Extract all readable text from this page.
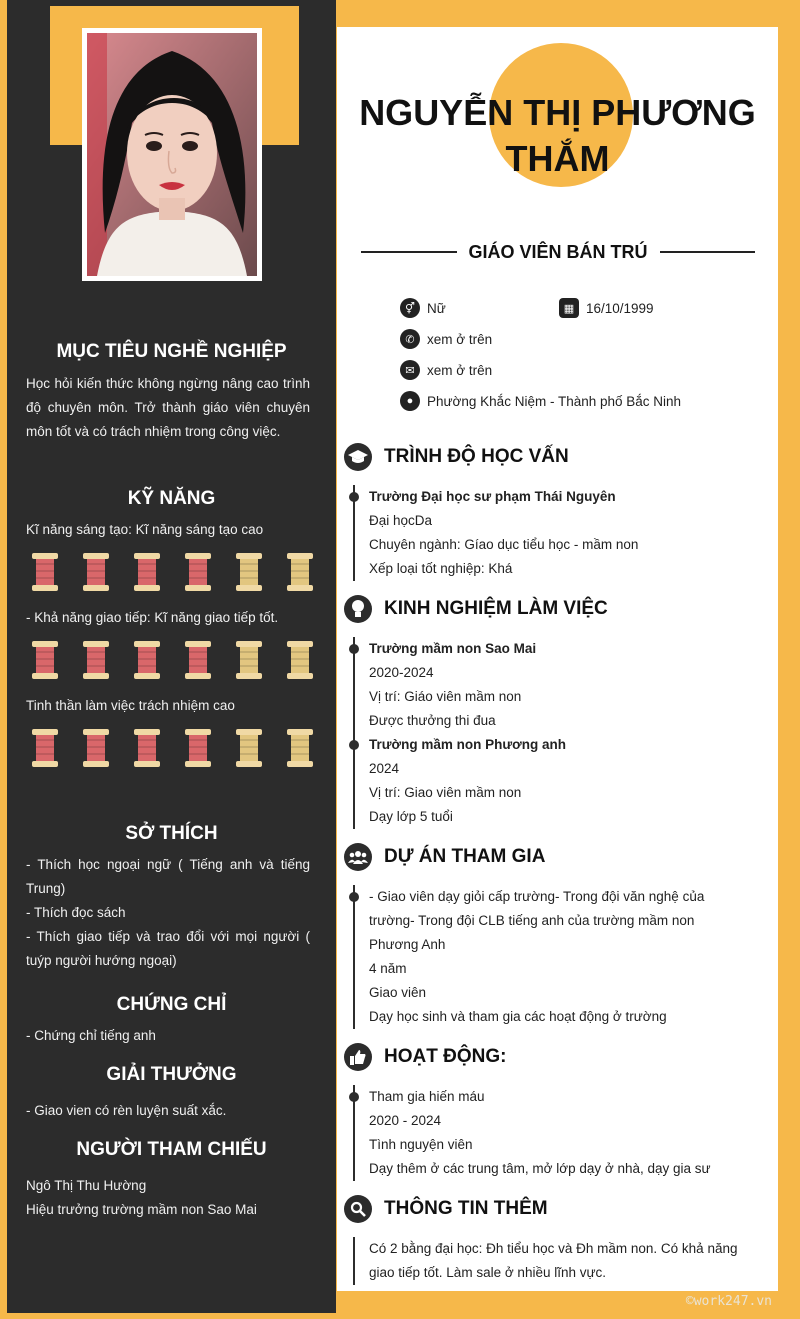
MỤC TIÊU NGHỀ NGHIỆP

Học hỏi kiến thức không ngừng nâng cao trình độ chuyên môn. Trở thành giáo viên chuyên môn tốt và có trách nhiệm trong công việc.

KỸ NĂNG

Kĩ năng sáng tạo: Kĩ năng sáng tạo cao

- Khả năng giao tiếp: Kĩ năng giao tiếp tốt.

Tinh thần làm việc trách nhiệm cao

SỞ THÍCH
- Thích học ngoại ngữ ( Tiếng anh và tiếng Trung)
- Thích đọc sách
- Thích giao tiếp và trao đổi với mọi người ( tuýp người hướng ngoại)
CHỨNG CHỈ

- Chứng chỉ tiếng anh

GIẢI THƯỞNG

- Giao vien có rèn luyện suất xắc.

NGƯỜI THAM CHIẾU
Ngô Thị Thu Hường
Hiệu trưởng trường mầm non Sao Mai
NGUYỄN THỊ PHƯƠNG
THẮM
GIÁO VIÊN BÁN TRÚ
⚥ Nữ	▦ 16/10/1999
✆ xem ở trên
✉ xem ở trên
●	Phường Khắc Niệm - Thành phố Bắc Ninh
TRÌNH ĐỘ HỌC VẤN
Trường Đại học sư phạm Thái Nguyên
Đại họcDa
Chuyên ngành: Gíao dục tiểu học - mầm non
Xếp loại tốt nghiệp: Khá
KINH NGHIỆM LÀM VIỆC
Trường mầm non Sao Mai
2020-2024
Vị trí: Giáo viên mầm non
Được thưởng thi đua
Trường mầm non Phương anh
2024
Vị trí: Giao viên mầm non
Dạy lớp 5 tuổi
DỰ ÁN THAM GIA
- Giao viên dạy giỏi cấp trường- Trong đội văn nghệ của
trường- Trong đội CLB tiếng anh của trường mầm non
Phương Anh
4 năm
Giao viên
Dạy học sinh và tham gia các hoạt động ở trường
HOẠT ĐỘNG:
Tham gia hiến máu
2020 - 2024
Tình nguyện viên
Dạy thêm ở các trung tâm, mở lớp dạy ở nhà, dạy gia sư
THÔNG TIN THÊM
Có 2 bằng đại học: Đh tiểu học và Đh mầm non. Có khả năng
giao tiếp tốt. Làm sale ở nhiều lĩnh vực.
©work247.vn
